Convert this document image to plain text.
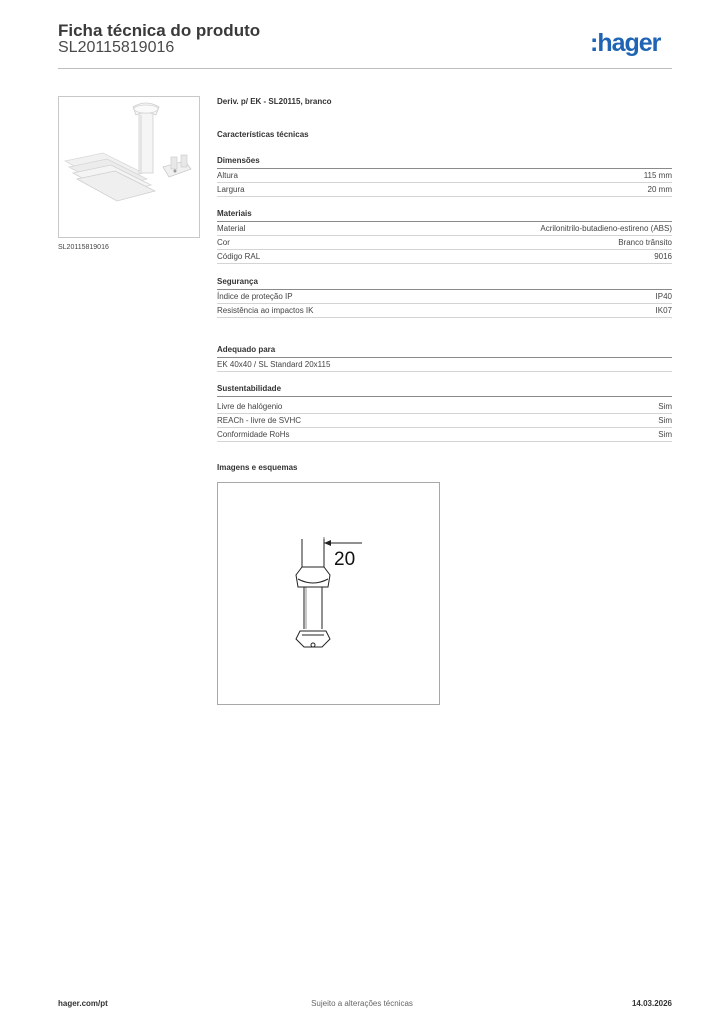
Ficha técnica do produto
SL20115819016	:hager
SL20115819016
Deriv. p/ EK - SL20115, branco
Características técnicas
Dimensões
Altura	115 mm
Largura	20 mm
Materiais
Material	Acrilonitrilo-butadieno-estireno (ABS)
Cor	Branco trânsito
Código RAL	9016
Segurança
Índice de proteção IP	IP40
Resistência ao impactos IK	IK07
Adequado para
EK 40x40 / SL Standard 20x115
Sustentabilidade
Livre de halógenio	Sim
REACh - livre de SVHC	Sim
Conformidade RoHs	Sim
Imagens e esquemas
20
Sujeito a alterações técnicas
hager.com/pt	14.03.2026
